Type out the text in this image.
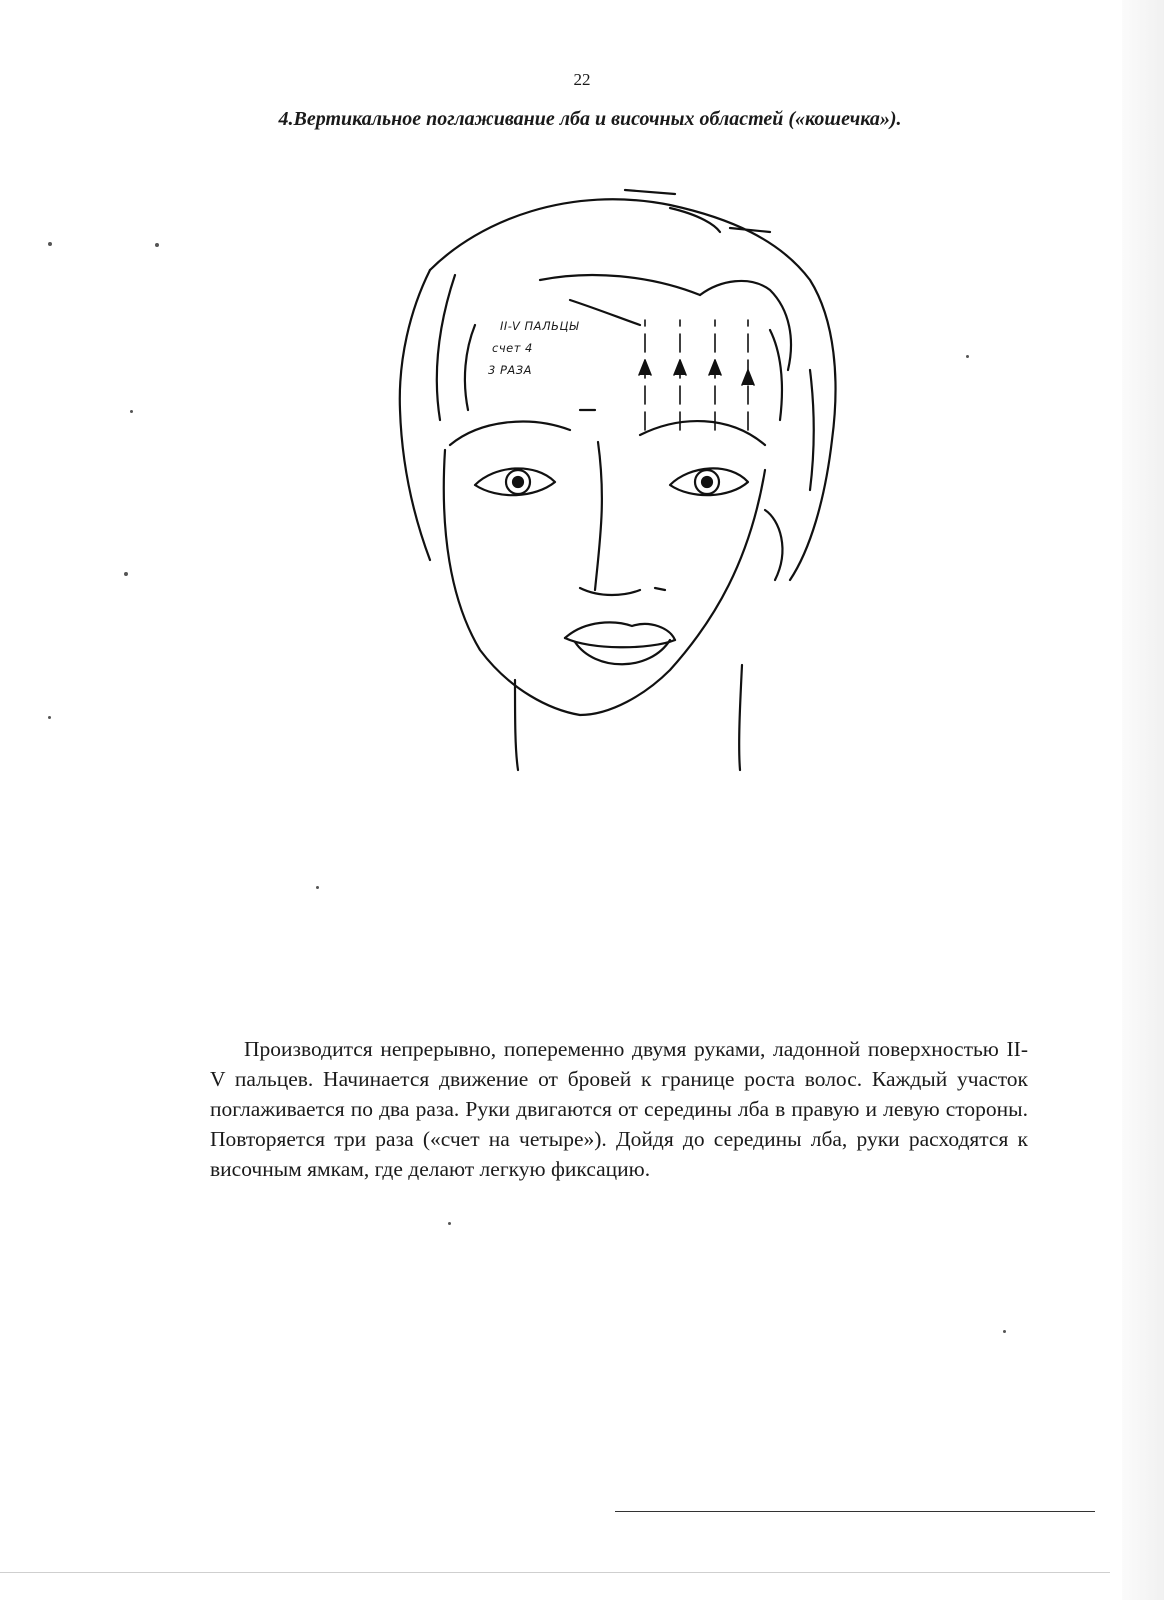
22
4.Вертикальное поглаживание лба и височных областей («кошечка»).
II-V ПАЛЬЦЫ
счет 4
3 РАЗА

Производится непрерывно, попеременно двумя руками, ладонной поверхностью II- V пальцев. Начинается движение от бровей к границе роста волос. Каждый участок поглаживается по два раза. Руки двигаются от середины лба в правую и левую стороны. Повторяется три раза («счет на четыре»). Дойдя до середины лба, руки расходятся к височным ямкам, где делают легкую фиксацию.
